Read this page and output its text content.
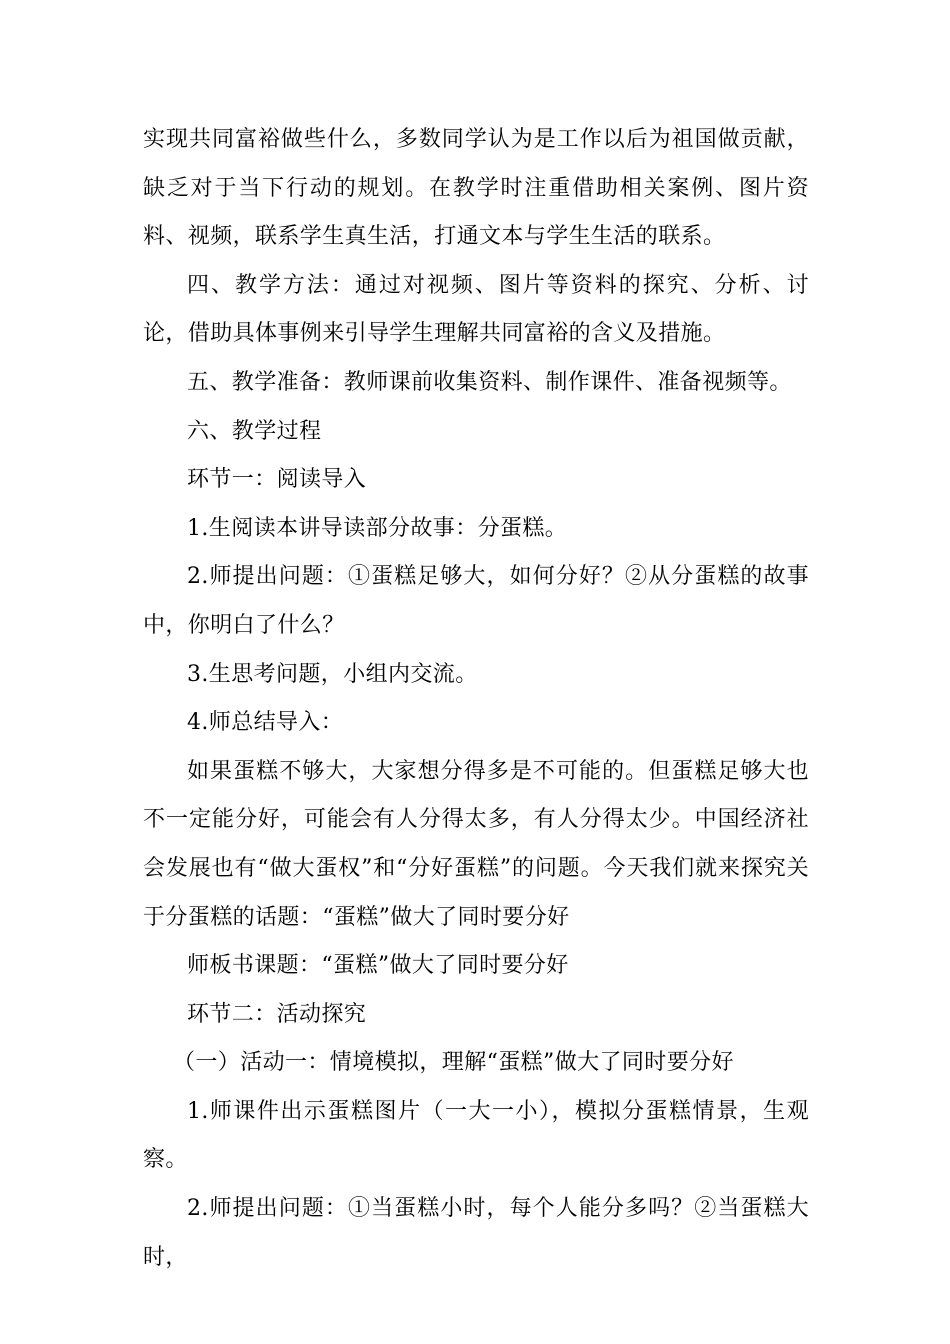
实现共同富裕做些什么，多数同学认为是工作以后为祖国做贡献，缺乏对于当下行动的规划。在教学时注重借助相关案例、图片资料、视频，联系学生真生活，打通文本与学生生活的联系。

四、教学方法：通过对视频、图片等资料的探究、分析、讨论，借助具体事例来引导学生理解共同富裕的含义及措施。

五、教学准备：教师课前收集资料、制作课件、准备视频等。

六、教学过程

环节一：阅读导入

1.生阅读本讲导读部分故事：分蛋糕。

2.师提出问题：①蛋糕足够大，如何分好？②从分蛋糕的故事中，你明白了什么？

3.生思考问题，小组内交流。

4.师总结导入：

如果蛋糕不够大，大家想分得多是不可能的。但蛋糕足够大也不一定能分好，可能会有人分得太多，有人分得太少。中国经济社会发展也有“做大蛋权”和“分好蛋糕”的问题。今天我们就来探究关于分蛋糕的话题：“蛋糕”做大了同时要分好

师板书课题：“蛋糕”做大了同时要分好

环节二：活动探究

（一）活动一：情境模拟，理解“蛋糕”做大了同时要分好

1.师课件出示蛋糕图片（一大一小），模拟分蛋糕情景，生观察。

2.师提出问题：①当蛋糕小时，每个人能分多吗？②当蛋糕大时，
